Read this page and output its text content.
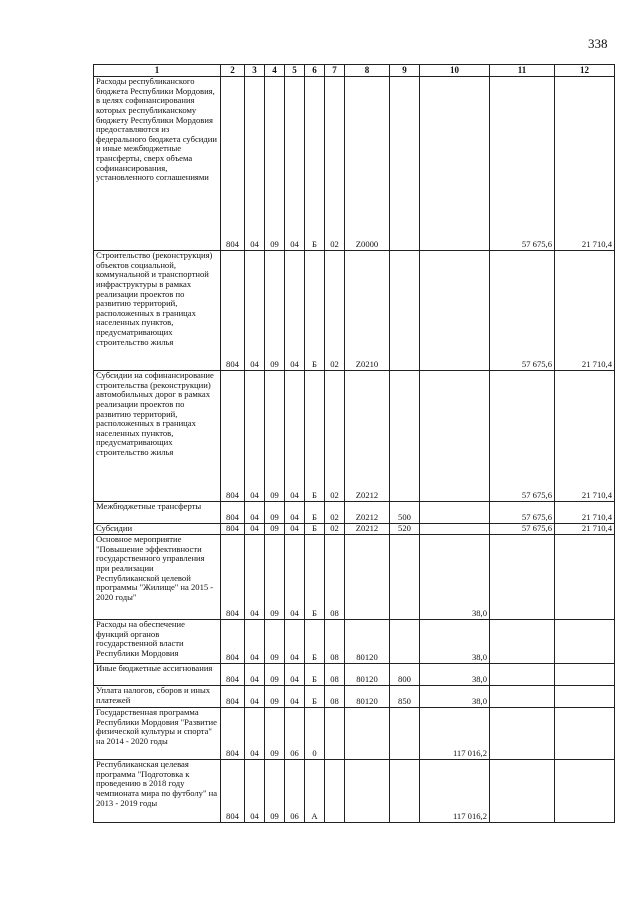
338
1	2	3	4	5	6	7	8	9	10	11	12
Расходы республиканского бюджета Республики Мордовия, в целях софинансирования которых республиканскому бюджету Республики Мордовия предоставляются из федерального бюджета субсидии и иные межбюджетные трансферты, сверх объема софинансирования, установленного соглашениями	804	04	09	04	Б	02	Z0000			57 675,6	21 710,4
Строительство (реконструкция) объектов социальной, коммунальной и транспортной инфраструктуры в рамках реализации проектов по развитию территорий, расположенных в границах населенных пунктов, предусматривающих строительство жилья	804	04	09	04	Б	02	Z0210			57 675,6	21 710,4
Субсидии на софинансирование строительства (реконструкции) автомобильных дорог в рамках реализации проектов по развитию территорий, расположенных в границах населенных пунктов, предусматривающих строительство жилья	804	04	09	04	Б	02	Z0212			57 675,6	21 710,4
Межбюджетные трансферты	804	04	09	04	Б	02	Z0212	500		57 675,6	21 710,4
Субсидии	804	04	09	04	Б	02	Z0212	520		57 675,6	21 710,4
Основное мероприятие "Повышение эффективности государственного управления при реализации Республиканской целевой программы "Жилище" на 2015 - 2020 годы"	804	04	09	04	Б	08			38,0		
Расходы на обеспечение функций органов государственной власти Республики Мордовия	804	04	09	04	Б	08	80120		38,0		
Иные бюджетные ассигнования	804	04	09	04	Б	08	80120	800	38,0		
Уплата налогов, сборов и иных платежей	804	04	09	04	Б	08	80120	850	38,0		
Государственная программа Республики Мордовия "Развитие физической культуры и спорта" на 2014 - 2020 годы	804	04	09	06	0				117 016,2		
Республиканская целевая программа "Подготовка к проведению в 2018 году чемпионата мира по футболу" на 2013 - 2019 годы	804	04	09	06	А				117 016,2		
